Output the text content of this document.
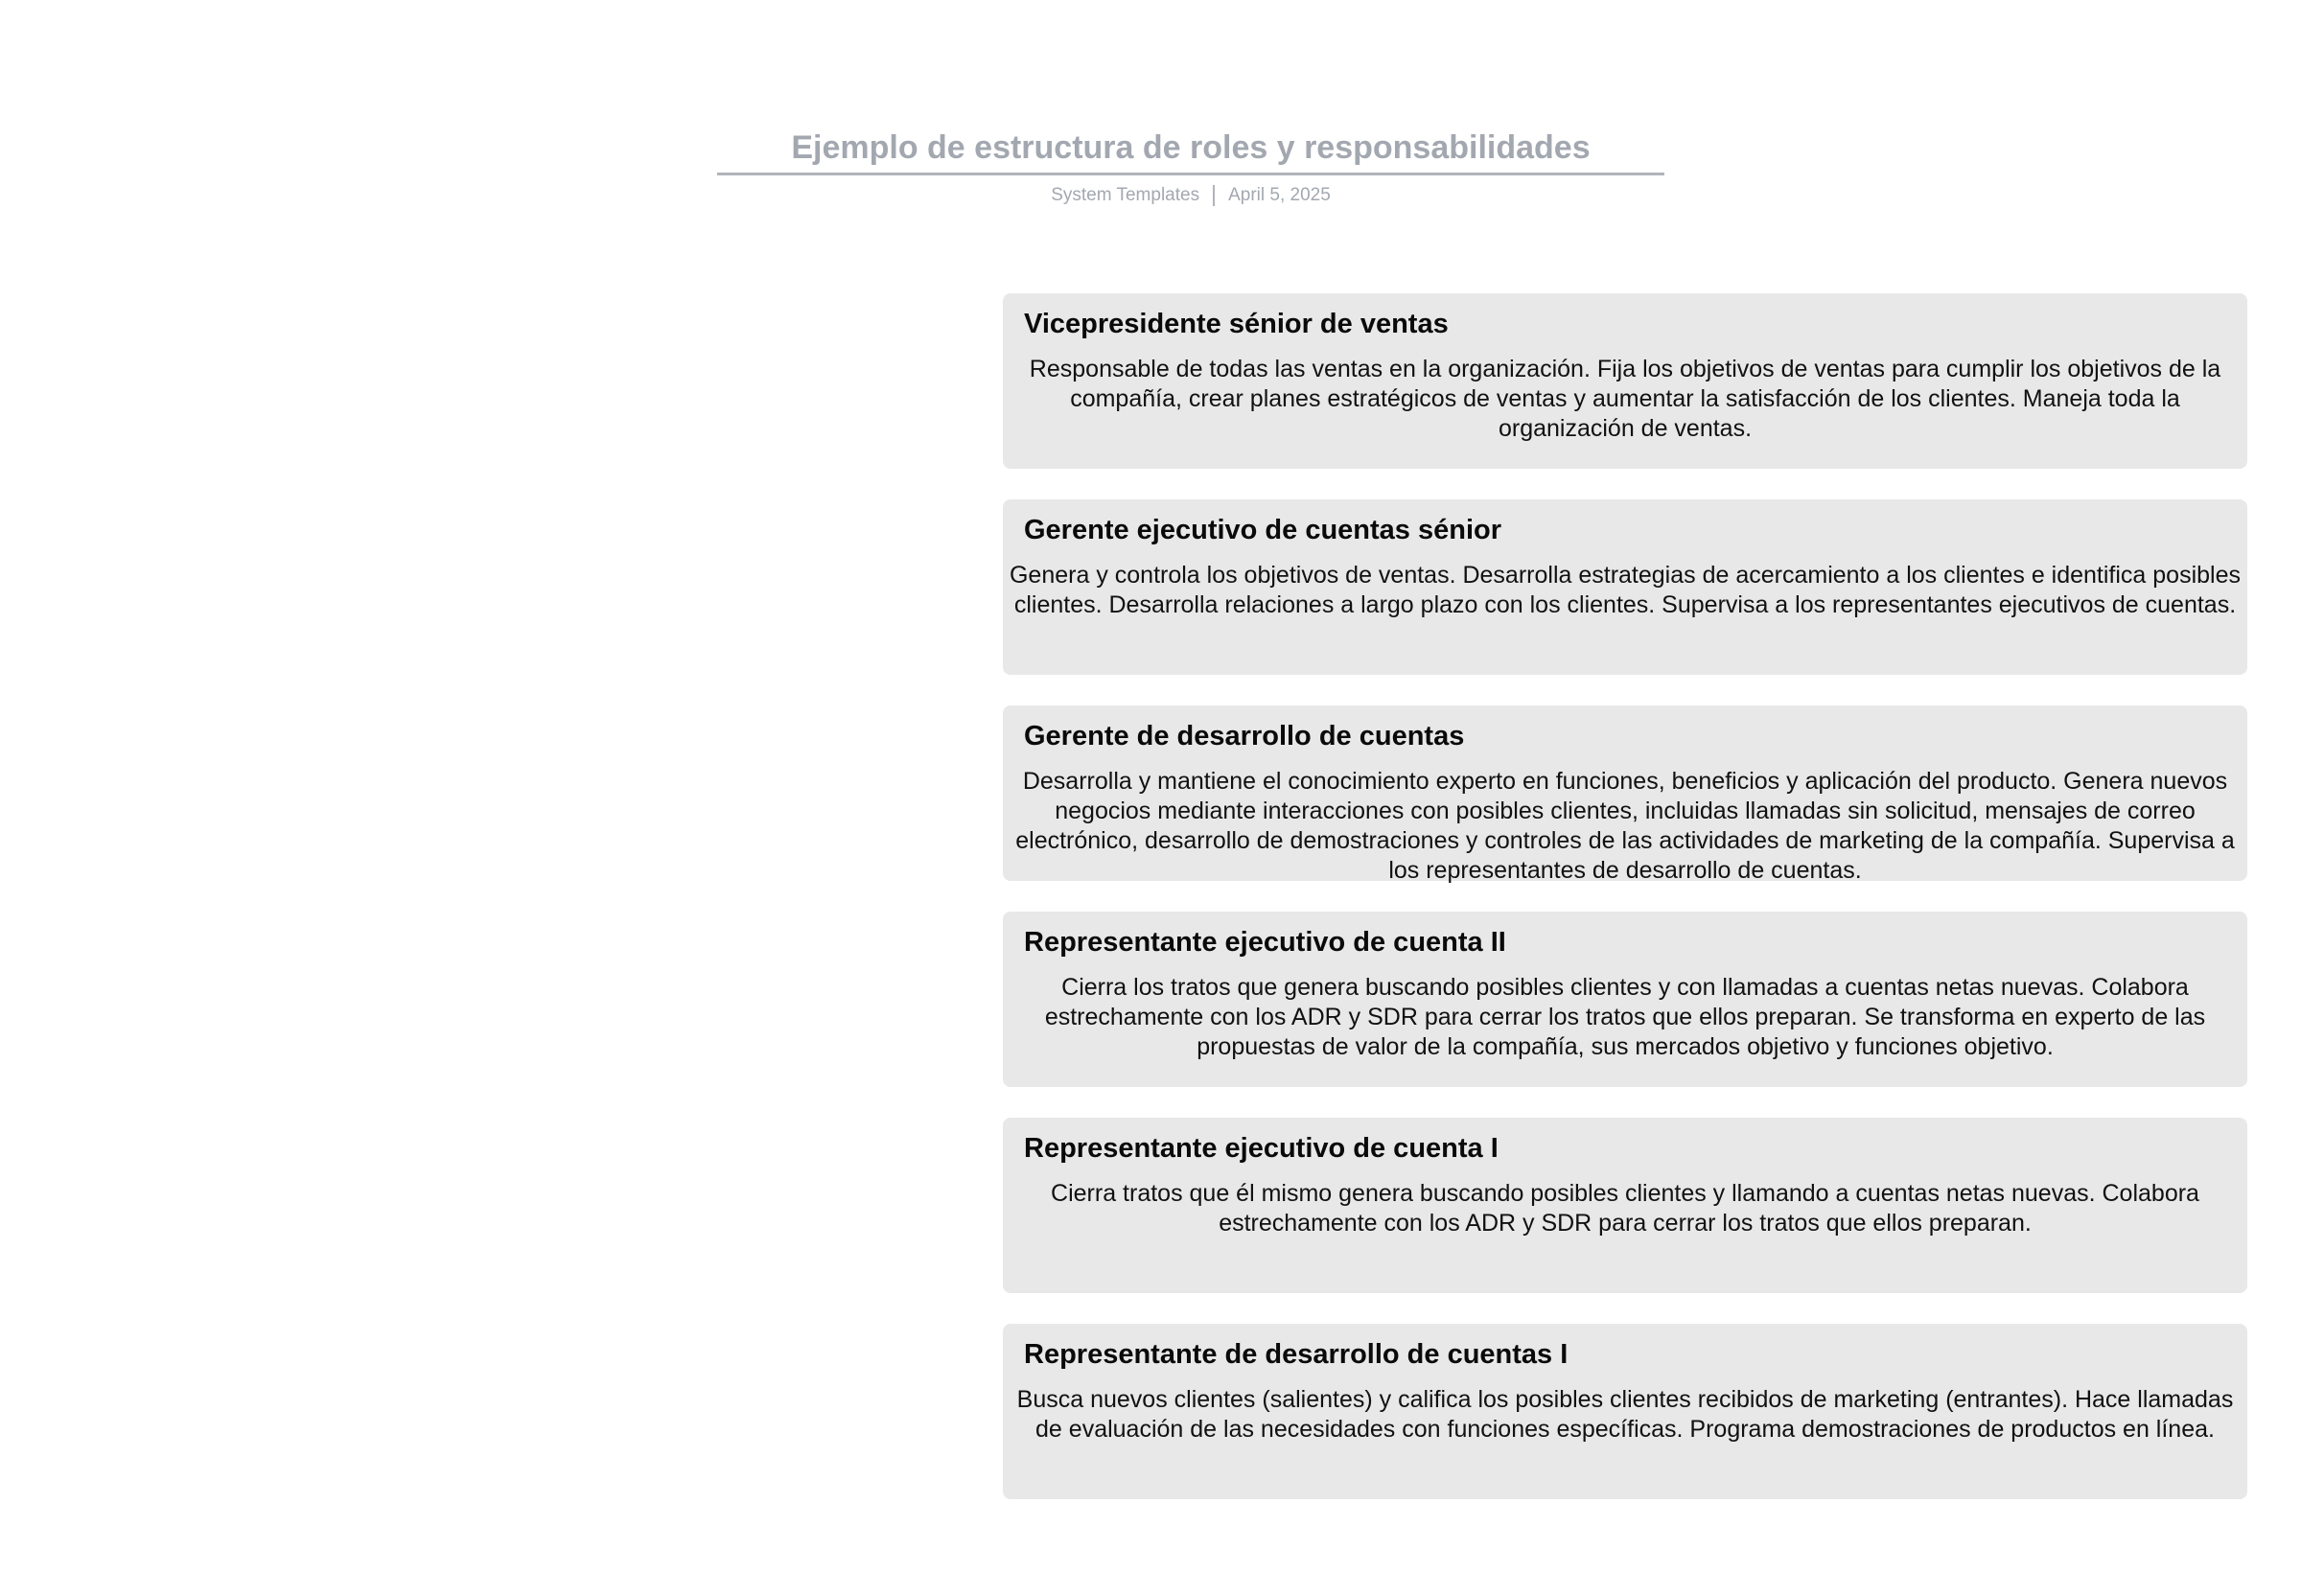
Ejemplo de estructura de roles y responsabilidades
System Templates April 5, 2025
Vicepresidente sénior de ventas
Responsable de todas las ventas en la organización. Fija los objetivos de ventas para cumplir los objetivos de la compañía, crear planes estratégicos de ventas y aumentar la satisfacción de los clientes. Maneja toda la organización de ventas.
Gerente ejecutivo de cuentas sénior
Genera y controla los objetivos de ventas. Desarrolla estrategias de acercamiento a los clientes e identifica posibles clientes. Desarrolla relaciones a largo plazo con los clientes. Supervisa a los representantes ejecutivos de cuentas.
Gerente de desarrollo de cuentas
Desarrolla y mantiene el conocimiento experto en funciones, beneficios y aplicación del producto. Genera nuevos negocios mediante interacciones con posibles clientes, incluidas llamadas sin solicitud, mensajes de correo electrónico, desarrollo de demostraciones y controles de las actividades de marketing de la compañía. Supervisa a los representantes de desarrollo de cuentas.
Representante ejecutivo de cuenta II
Cierra los tratos que genera buscando posibles clientes y con llamadas a cuentas netas nuevas. Colabora estrechamente con los ADR y SDR para cerrar los tratos que ellos preparan. Se transforma en experto de las propuestas de valor de la compañía, sus mercados objetivo y funciones objetivo.
Representante ejecutivo de cuenta I
Cierra tratos que él mismo genera buscando posibles clientes y llamando a cuentas netas nuevas. Colabora estrechamente con los ADR y SDR para cerrar los tratos que ellos preparan.
Representante de desarrollo de cuentas I
Busca nuevos clientes (salientes) y califica los posibles clientes recibidos de marketing (entrantes). Hace llamadas de evaluación de las necesidades con funciones específicas. Programa demostraciones de productos en línea.
